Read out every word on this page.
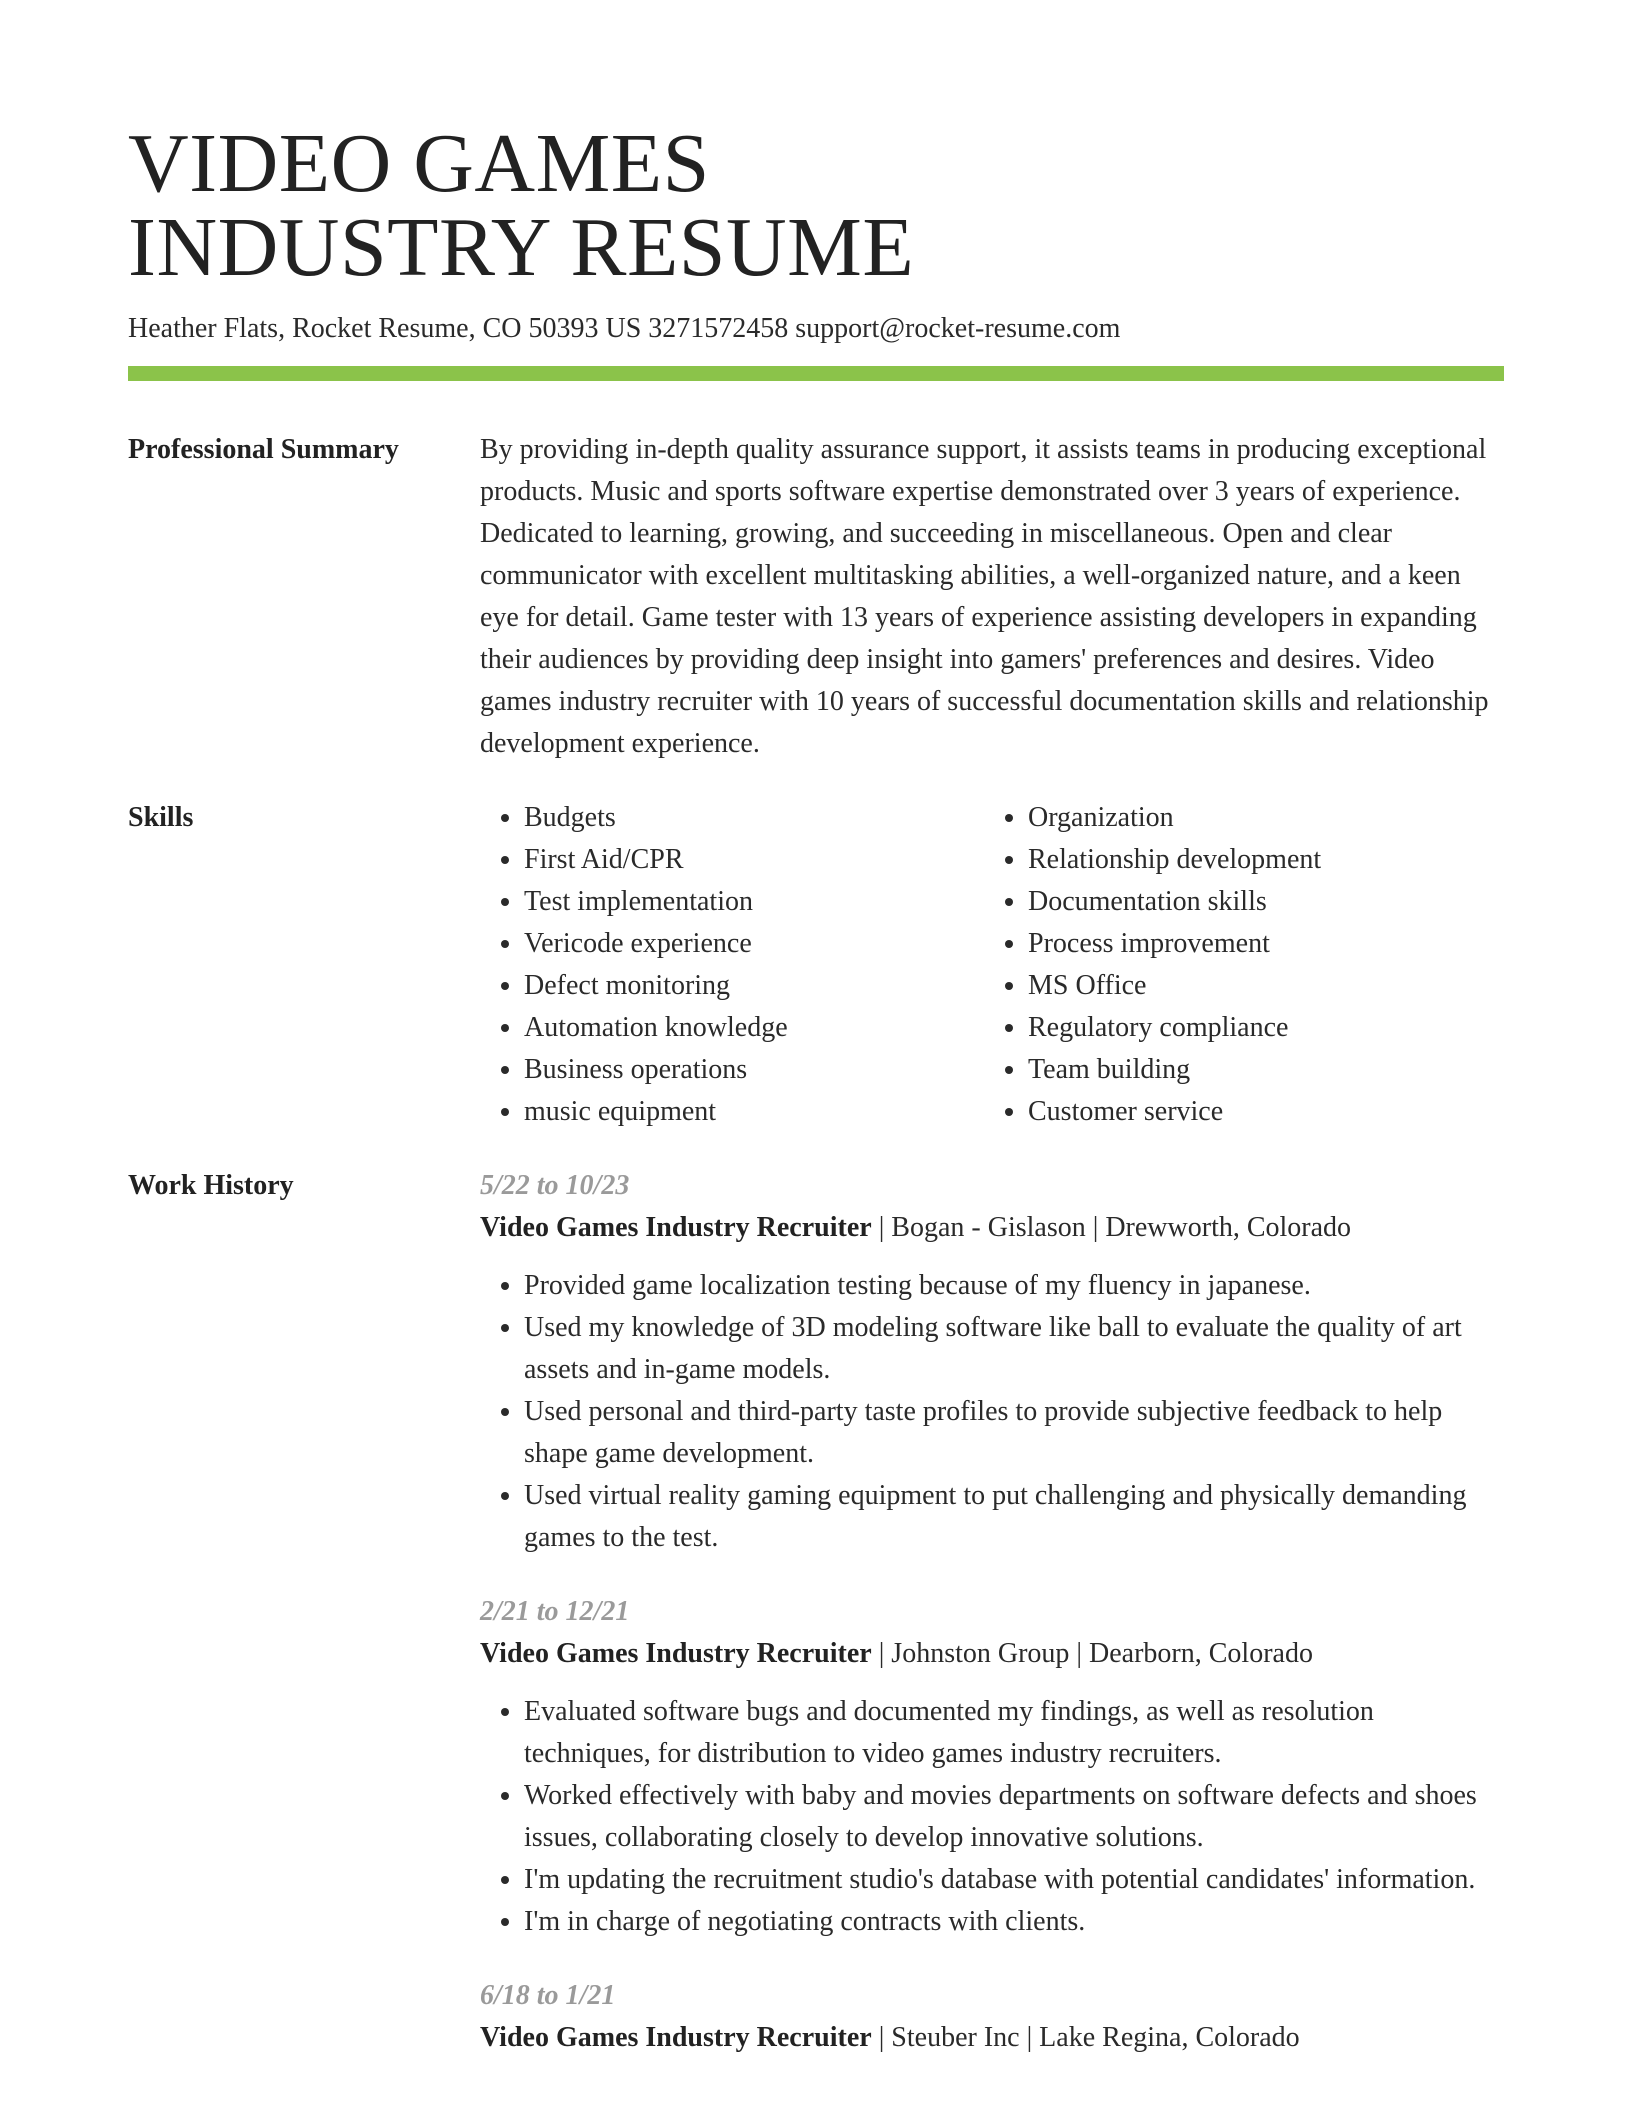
VIDEO GAMES
INDUSTRY RESUME
Heather Flats, Rocket Resume, CO 50393 US 3271572458 support@rocket-resume.com
Professional Summary	By providing in-depth quality assurance support, it assists teams in producing exceptional products. Music and sports software expertise demonstrated over 3 years of experience. Dedicated to learning, growing, and succeeding in miscellaneous. Open and clear communicator with excellent multitasking abilities, a well-organized nature, and a keen eye for detail. Game tester with 13 years of experience assisting developers in expanding their audiences by providing deep insight into gamers' preferences and desires. Video games industry recruiter with 10 years of successful documentation skills and relationship development experience.

Skills
•	Budgets
• First Aid/CPR
• Test implementation
• Vericode experience
• Defect monitoring
• Automation knowledge
• Business operations
• music equipment
• Organization
• Relationship development
• Documentation skills
• Process improvement
• MS Office
• Regulatory compliance
• Team building
• Customer service
Work History	5/22 to 10/23
Video Games Industry Recruiter | Bogan - Gislason | Drewworth, Colorado
• Provided game localization testing because of my fluency in japanese.
• Used my knowledge of 3D modeling software like ball to evaluate the quality of art assets and in-game models.
• Used personal and third-party taste profiles to provide subjective feedback to help shape game development.
• Used virtual reality gaming equipment to put challenging and physically demanding games to the test.
2/21 to 12/21
Video Games Industry Recruiter | Johnston Group | Dearborn, Colorado
• Evaluated software bugs and documented my findings, as well as resolution techniques, for distribution to video games industry recruiters.
• Worked effectively with baby and movies departments on software defects and shoes issues, collaborating closely to develop innovative solutions.
• I'm updating the recruitment studio's database with potential candidates' information.
• I'm in charge of negotiating contracts with clients.
6/18 to 1/21
Video Games Industry Recruiter | Steuber Inc | Lake Regina, Colorado
